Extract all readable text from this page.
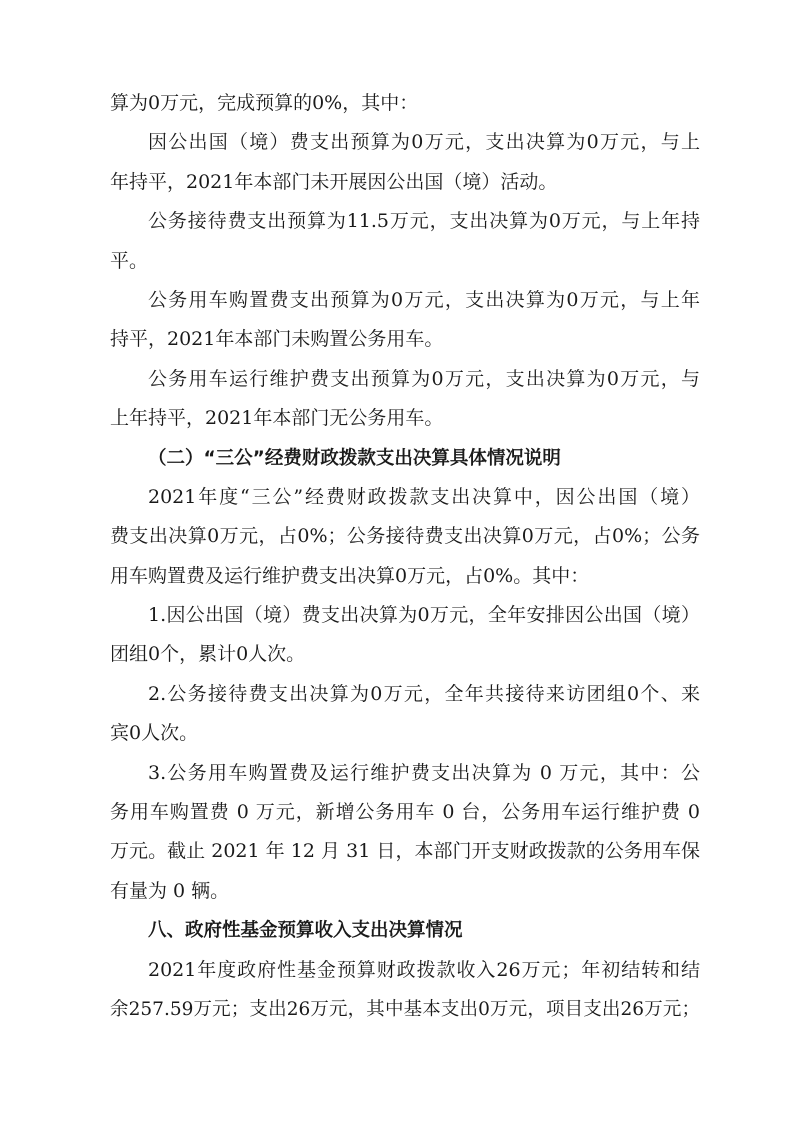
算为0万元，完成预算的0%，其中：
因公出国（境）费支出预算为0万元，支出决算为0万元，与上
年持平，2021年本部门未开展因公出国（境）活动。
公务接待费支出预算为11.5万元，支出决算为0万元，与上年持
平。
公务用车购置费支出预算为0万元，支出决算为0万元，与上年
持平，2021年本部门未购置公务用车。
公务用车运行维护费支出预算为0万元，支出决算为0万元，与
上年持平，2021年本部门无公务用车。
（二）“三公”经费财政拨款支出决算具体情况说明
2021年度“三公”经费财政拨款支出决算中，因公出国（境）
费支出决算0万元，占0%；公务接待费支出决算0万元，占0%；公务
用车购置费及运行维护费支出决算0万元，占0%。其中：
1.因公出国（境）费支出决算为0万元，全年安排因公出国（境）
团组0个，累计0人次。
2.公务接待费支出决算为0万元，全年共接待来访团组0个、来
宾0人次。
3.公务用车购置费及运行维护费支出决算为 0 万元，其中：公
务用车购置费 0 万元，新增公务用车 0 台，公务用车运行维护费 0
万元。截止 2021 年 12 月 31 日，本部门开支财政拨款的公务用车保
有量为 0 辆。
八、政府性基金预算收入支出决算情况
2021年度政府性基金预算财政拨款收入26万元；年初结转和结
余257.59万元；支出26万元，其中基本支出0万元，项目支出26万元；
